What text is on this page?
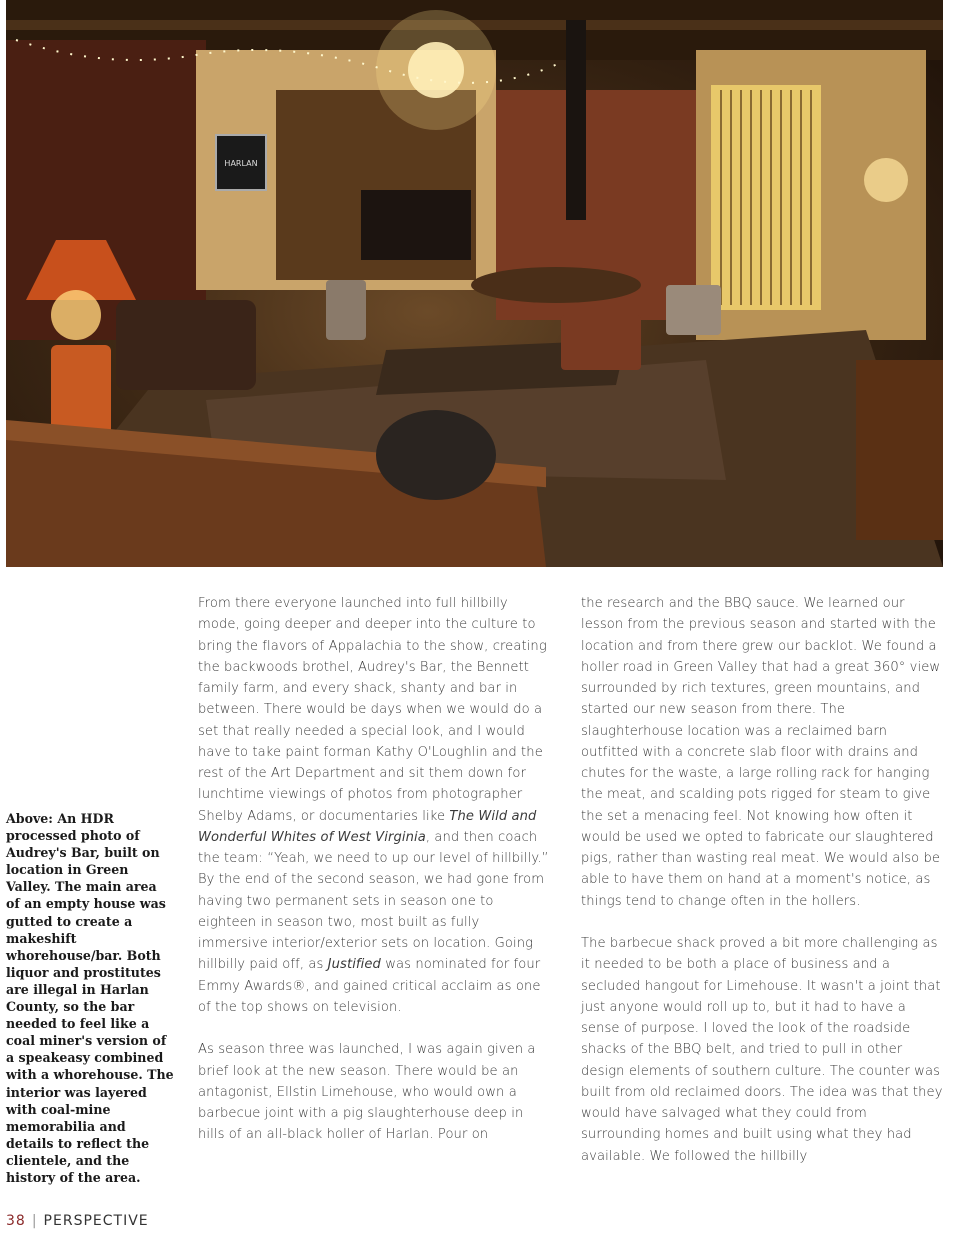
HARLAN

Above: An HDR processed photo of Audrey's Bar, built on location in Green Valley. The main area of an empty house was gutted to create a makeshift whorehouse/bar. Both liquor and prostitutes are illegal in Harlan County, so the bar needed to feel like a coal miner's version of a speakeasy combined with a whorehouse. The interior was layered with coal-mine memorabilia and details to reflect the clientele, and the history of the area.

From there everyone launched into full hillbilly mode, going deeper and deeper into the culture to bring the flavors of Appalachia to the show, creating the backwoods brothel, Audrey's Bar, the Bennett family farm, and every shack, shanty and bar in between. There would be days when we would do a set that really needed a special look, and I would have to take paint forman Kathy O'Loughlin and the rest of the Art Department and sit them down for lunchtime viewings of photos from photographer Shelby Adams, or documentaries like The Wild and Wonderful Whites of West Virginia, and then coach the team: “Yeah, we need to up our level of hillbilly.” By the end of the second season, we had gone from having two permanent sets in season one to eighteen in season two, most built as fully immersive interior/exterior sets on location. Going hillbilly paid off, as Justified was nominated for four Emmy Awards®, and gained critical acclaim as one of the top shows on television.

As season three was launched, I was again given a brief look at the new season. There would be an antagonist, Ellstin Limehouse, who would own a barbecue joint with a pig slaughterhouse deep in hills of an all-black holler of Harlan. Pour on

the research and the BBQ sauce. We learned our lesson from the previous season and started with the location and from there grew our backlot. We found a holler road in Green Valley that had a great 360° view surrounded by rich textures, green mountains, and started our new season from there. The slaughterhouse location was a reclaimed barn outfitted with a concrete slab floor with drains and chutes for the waste, a large rolling rack for hanging the meat, and scalding pots rigged for steam to give the set a menacing feel. Not knowing how often it would be used we opted to fabricate our slaughtered pigs, rather than wasting real meat. We would also be able to have them on hand at a moment's notice, as things tend to change often in the hollers.

The barbecue shack proved a bit more challenging as it needed to be both a place of business and a secluded hangout for Limehouse. It wasn't a joint that just anyone would roll up to, but it had to have a sense of purpose. I loved the look of the roadside shacks of the BBQ belt, and tried to pull in other design elements of southern culture. The counter was built from old reclaimed doors. The idea was that they would have salvaged what they could from surrounding homes and built using what they had available. We followed the hillbilly

38 | PERSPECTIVE
